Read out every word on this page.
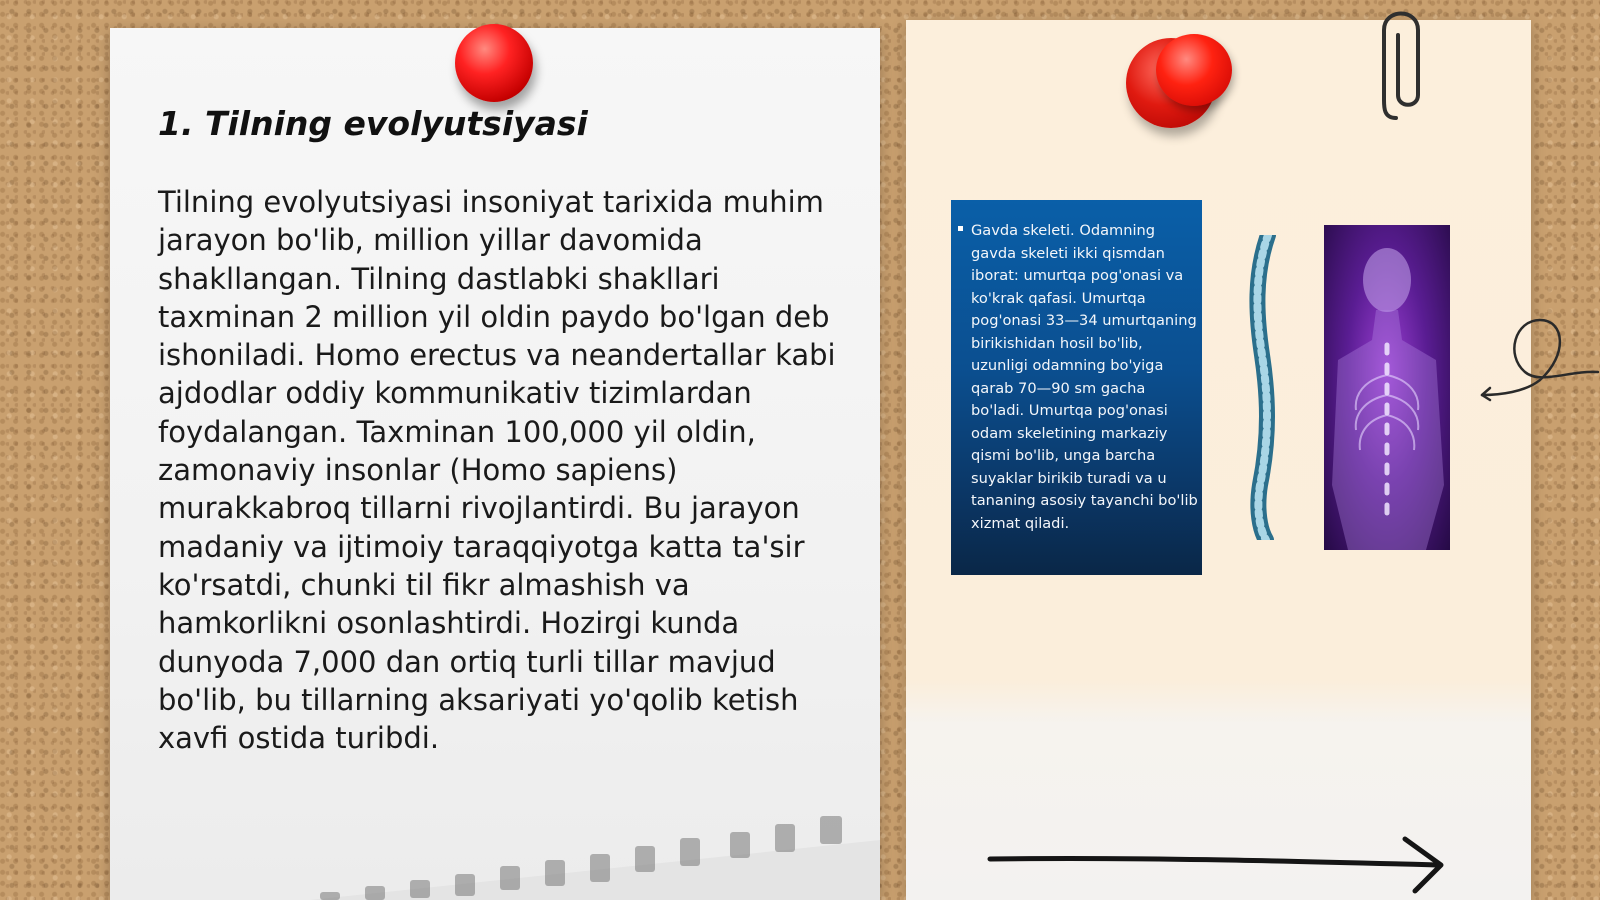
1. Tilning evolyutsiyasi

Tilning evolyutsiyasi insoniyat tarixida muhim jarayon bo'lib, million yillar davomida shakllangan. Tilning dastlabki shakllari taxminan 2 million yil oldin paydo bo'lgan deb ishoniladi. Homo erectus va neandertallar kabi ajdodlar oddiy kommunikativ tizimlardan foydalangan. Taxminan 100,000 yil oldin, zamonaviy insonlar (Homo sapiens) murakkabroq tillarni rivojlantirdi. Bu jarayon madaniy va ijtimoiy taraqqiyotga katta ta'sir ko'rsatdi, chunki til fikr almashish va hamkorlikni osonlashtirdi. Hozirgi kunda dunyoda 7,000 dan ortiq turli tillar mavjud bo'lib, bu tillarning aksariyati yo'qolib ketish xavfi ostida turibdi.

Gavda skeleti. Odamning gavda skeleti ikki qismdan iborat: umurtqa pog'onasi va ko'krak qafasi. Umurtqa pog'onasi 33—34 umurtqaning birikishidan hosil bo'lib, uzunligi odamning bo'yiga qarab 70—90 sm gacha bo'ladi. Umurtqa pog'onasi odam skeletining markaziy qismi bo'lib, unga barcha suyaklar birikib turadi va u tananing asosiy tayanchi bo'lib xizmat qiladi.
